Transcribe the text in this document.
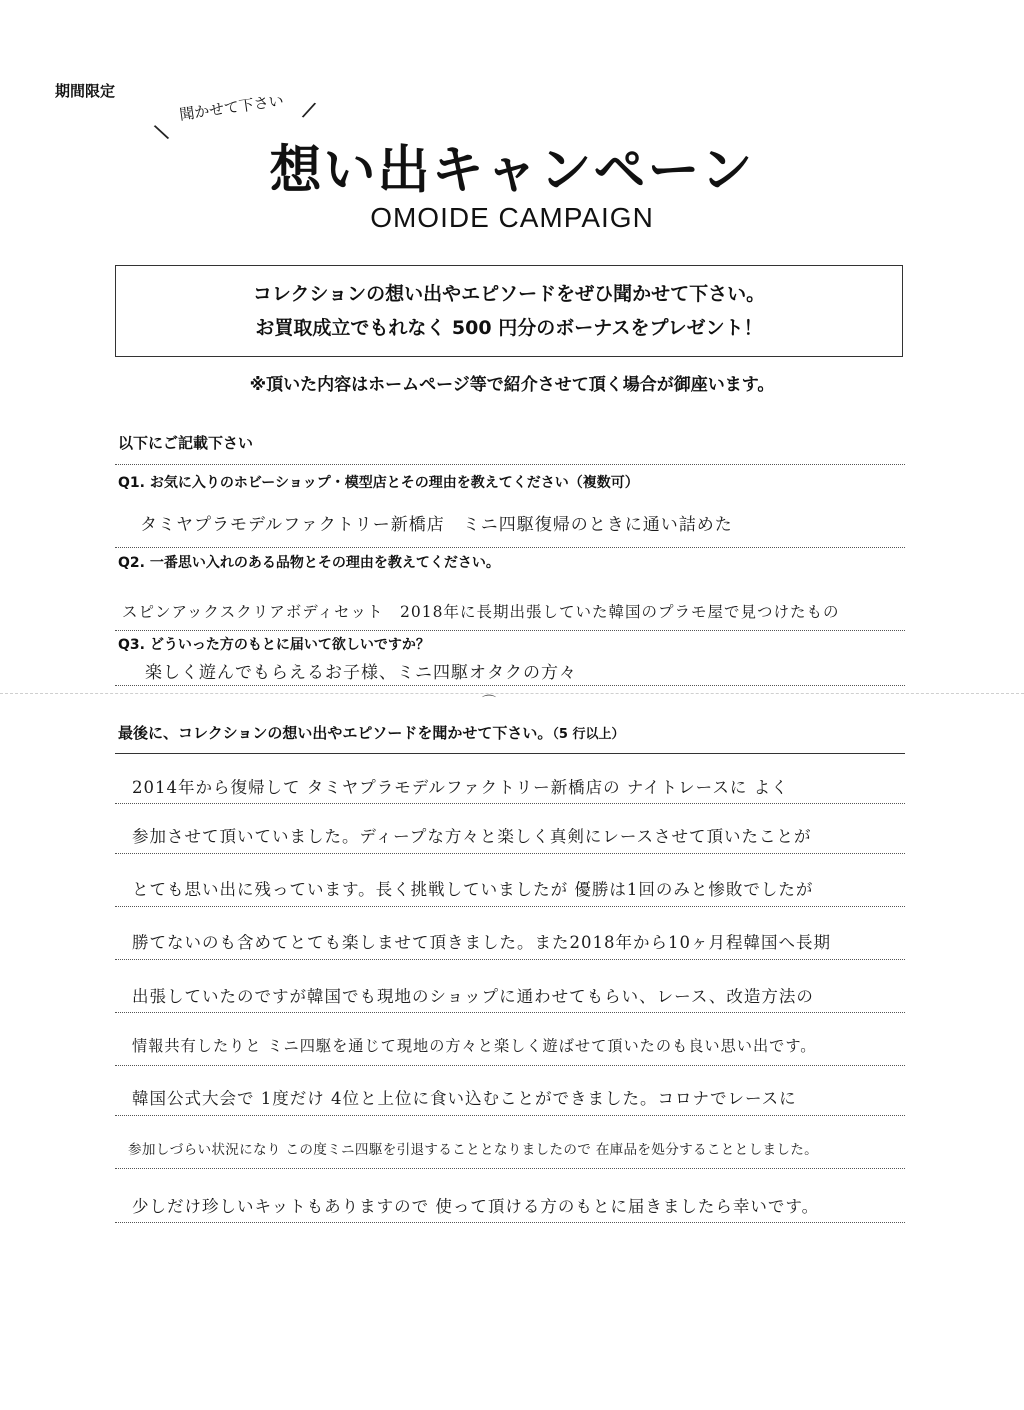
期間限定
\
聞かせて下さい /
想い出キャンペーン
OMOIDE CAMPAIGN
コレクションの想い出やエピソードをぜひ聞かせて下さい。
お買取成立でもれなく 500 円分のボーナスをプレゼント！
※頂いた内容はホームページ等で紹介させて頂く場合が御座います。
以下にご記載下さい
Q1. お気に入りのホビーショップ・模型店とその理由を教えてください（複数可）
タミヤプラモデルファクトリー新橋店　ミニ四駆復帰のときに通い詰めた
Q2. 一番思い入れのある品物とその理由を教えてください。
スピンアックスクリアボディセット　2018年に長期出張していた韓国のプラモ屋で見つけたもの
Q3. どういった方のもとに届いて欲しいですか？
楽しく遊んでもらえるお子様、ミニ四駆オタクの方々
⌒
最後に、コレクションの想い出やエピソードを聞かせて下さい。（5 行以上）
2014年から復帰して タミヤプラモデルファクトリー新橋店の ナイトレースに よく
参加させて頂いていました。ディープな方々と楽しく真剣にレースさせて頂いたことが
とても思い出に残っています。長く挑戦していましたが 優勝は1回のみと惨敗でしたが
勝てないのも含めてとても楽しませて頂きました。また2018年から10ヶ月程韓国へ長期
出張していたのですが韓国でも現地のショップに通わせてもらい、レース、改造方法の
情報共有したりと ミニ四駆を通じて現地の方々と楽しく遊ばせて頂いたのも良い思い出です。
韓国公式大会で 1度だけ 4位と上位に食い込むことができました。コロナでレースに
参加しづらい状況になり この度ミニ四駆を引退することとなりましたので 在庫品を処分することとしました。
少しだけ珍しいキットもありますので 使って頂ける方のもとに届きましたら幸いです。
